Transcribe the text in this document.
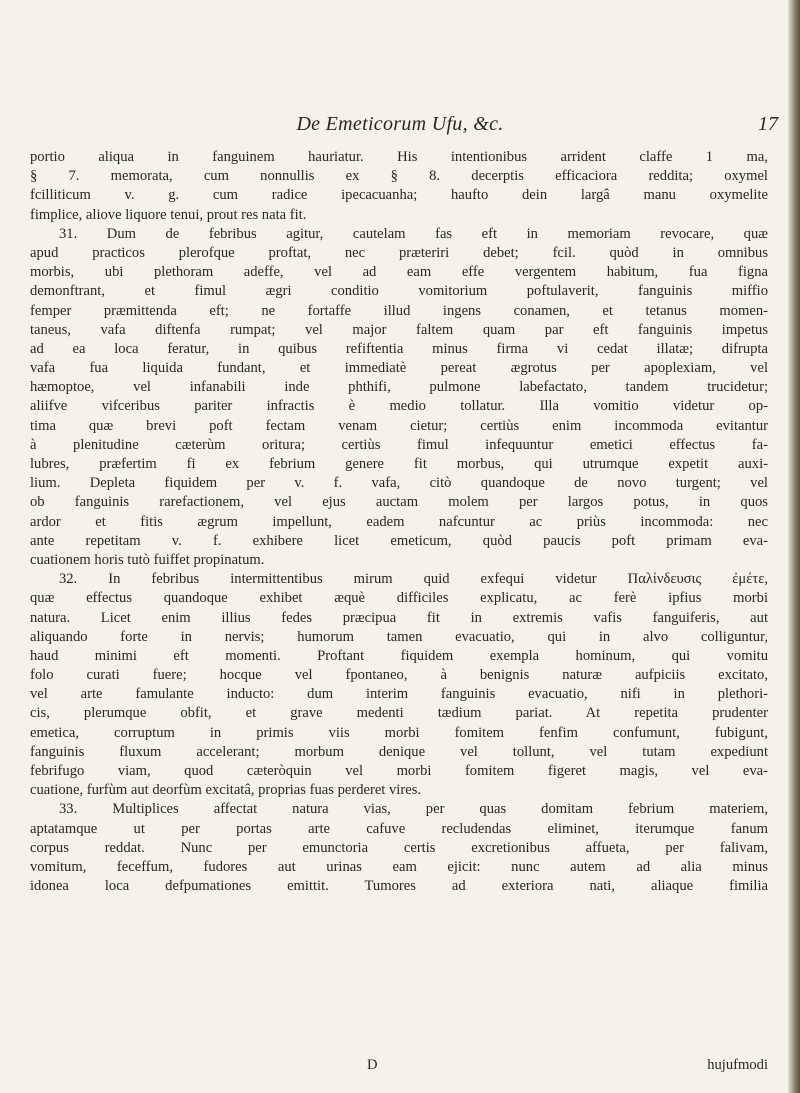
De Emeticorum Ufu, &c.	17
portio aliqua in fanguinem hauriatur. His intentionibus arrident claffe 1 ma,
§ 7. memorata, cum nonnullis ex § 8. decerptis efficaciora reddita; oxymel
fcilliticum v. g. cum radice ipecacuanha; haufto dein largâ manu oxymelite
fimplice, aliove liquore tenui, prout res nata fit.
31. Dum de febribus agitur, cautelam fas eft in memoriam revocare, quæ
apud practicos plerofque proftat, nec præteriri debet; fcil. quòd in omnibus
morbis, ubi plethoram adeffe, vel ad eam effe vergentem habitum, fua figna
demonftrant, et fimul ægri conditio vomitorium poftulaverit, fanguinis miffio
femper præmittenda eft; ne fortaffe illud ingens conamen, et tetanus momen-
taneus, vafa diftenfa rumpat; vel major faltem quam par eft fanguinis impetus
ad ea loca feratur, in quibus refiftentia minus firma vi cedat illatæ; difrupta
vafa fua liquida fundant, et immediatè pereat ægrotus per apoplexiam, vel
hæmoptoe, vel infanabili inde phthifi, pulmone labefactato, tandem trucidetur;
aliifve vifceribus pariter infractis è medio tollatur. Illa vomitio videtur op-
tima quæ brevi poft fectam venam cietur; certiùs enim incommoda evitantur
à plenitudine cæterùm oritura; certiùs fimul infequuntur emetici effectus fa-
lubres, præfertim fi ex febrium genere fit morbus, qui utrumque expetit auxi-
lium. Depleta fiquidem per v. f. vafa, citò quandoque de novo turgent; vel
ob fanguinis rarefactionem, vel ejus auctam molem per largos potus, in quos
ardor et fitis ægrum impellunt, eadem nafcuntur ac priùs incommoda: nec
ante repetitam v. f. exhibere licet emeticum, quòd paucis poft primam eva-
cuationem horis tutò fuiffet propinatum.
32. In febribus intermittentibus mirum quid exfequi videtur Παλίνδευσις ἐμέτε,
quæ effectus quandoque exhibet æquè difficiles explicatu, ac ferè ipfius morbi
natura. Licet enim illius fedes præcipua fit in extremis vafis fanguiferis, aut
aliquando forte in nervis; humorum tamen evacuatio, qui in alvo colliguntur,
haud minimi eft momenti. Proftant fiquidem exempla hominum, qui vomitu
folo curati fuere; hocque vel fpontaneo, à benignis naturæ aufpiciis excitato,
vel arte famulante inducto: dum interim fanguinis evacuatio, nifi in plethori-
cis, plerumque obfit, et grave medenti tædium pariat. At repetita prudenter
emetica, corruptum in primis viis morbi fomitem fenfim confumunt, fubigunt,
fanguinis fluxum accelerant; morbum denique vel tollunt, vel tutam expediunt
febrifugo viam, quod cæteròquin vel morbi fomitem figeret magis, vel eva-
cuatione, furfùm aut deorfùm excitatâ, proprias fuas perderet vires.
33. Multiplices affectat natura vias, per quas domitam febrium materiem,
aptatamque ut per portas arte cafuve recludendas eliminet, iterumque fanum
corpus reddat. Nunc per emunctoria certis excretionibus affueta, per falivam,
vomitum, feceffum, fudores aut urinas eam ejicit: nunc autem ad alia minus
idonea loca defpumationes emittit. Tumores ad exteriora nati, aliaque fimilia
D	hujufmodi
